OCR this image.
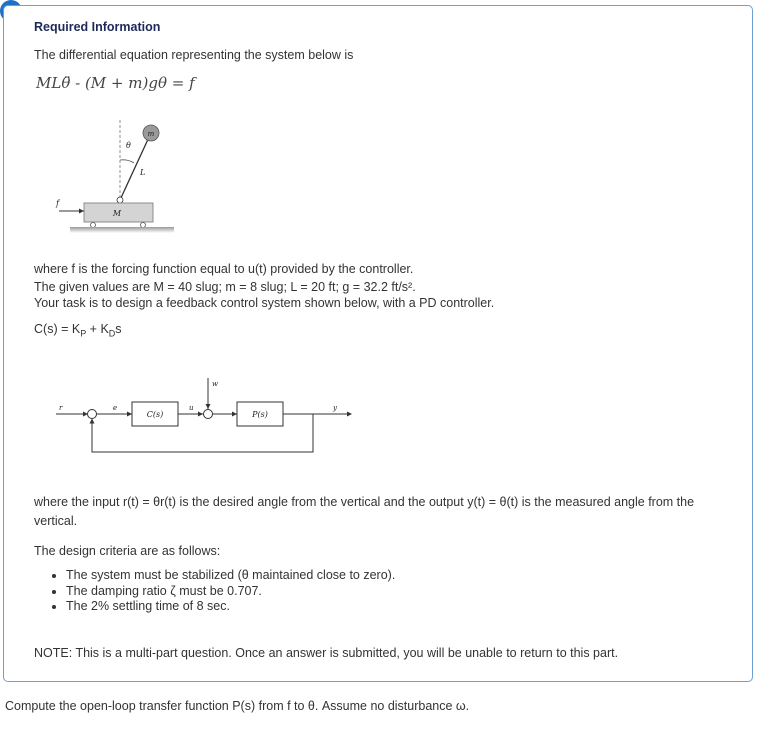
Required Information
The differential equation representing the system below is
MLθ̈ - (M + m)gθ = f
m
θ
L
M
f
where f is the forcing function equal to u(t) provided by the controller.
The given values are M = 40 slug; m = 8 slug; L = 20 ft; g = 32.2 ft/s².
Your task is to design a feedback control system shown below, with a PD controller.
$C(s) = K_P + K_Ds$
r	e
C(s)
u
w
P(s)
y
where the input r(t) = θr(t) is the desired angle from the vertical and the output y(t) = θ(t) is the measured angle from the
vertical.
The design criteria are as follows:
• The system must be stabilized (θ maintained close to zero).
• The damping ratio ζ must be 0.707.
• The 2% settling time of 8 sec.
NOTE: This is a multi-part question. Once an answer is submitted, you will be unable to return to this part.
Compute the open-loop transfer function P(s) from f to θ. Assume no disturbance ω.
